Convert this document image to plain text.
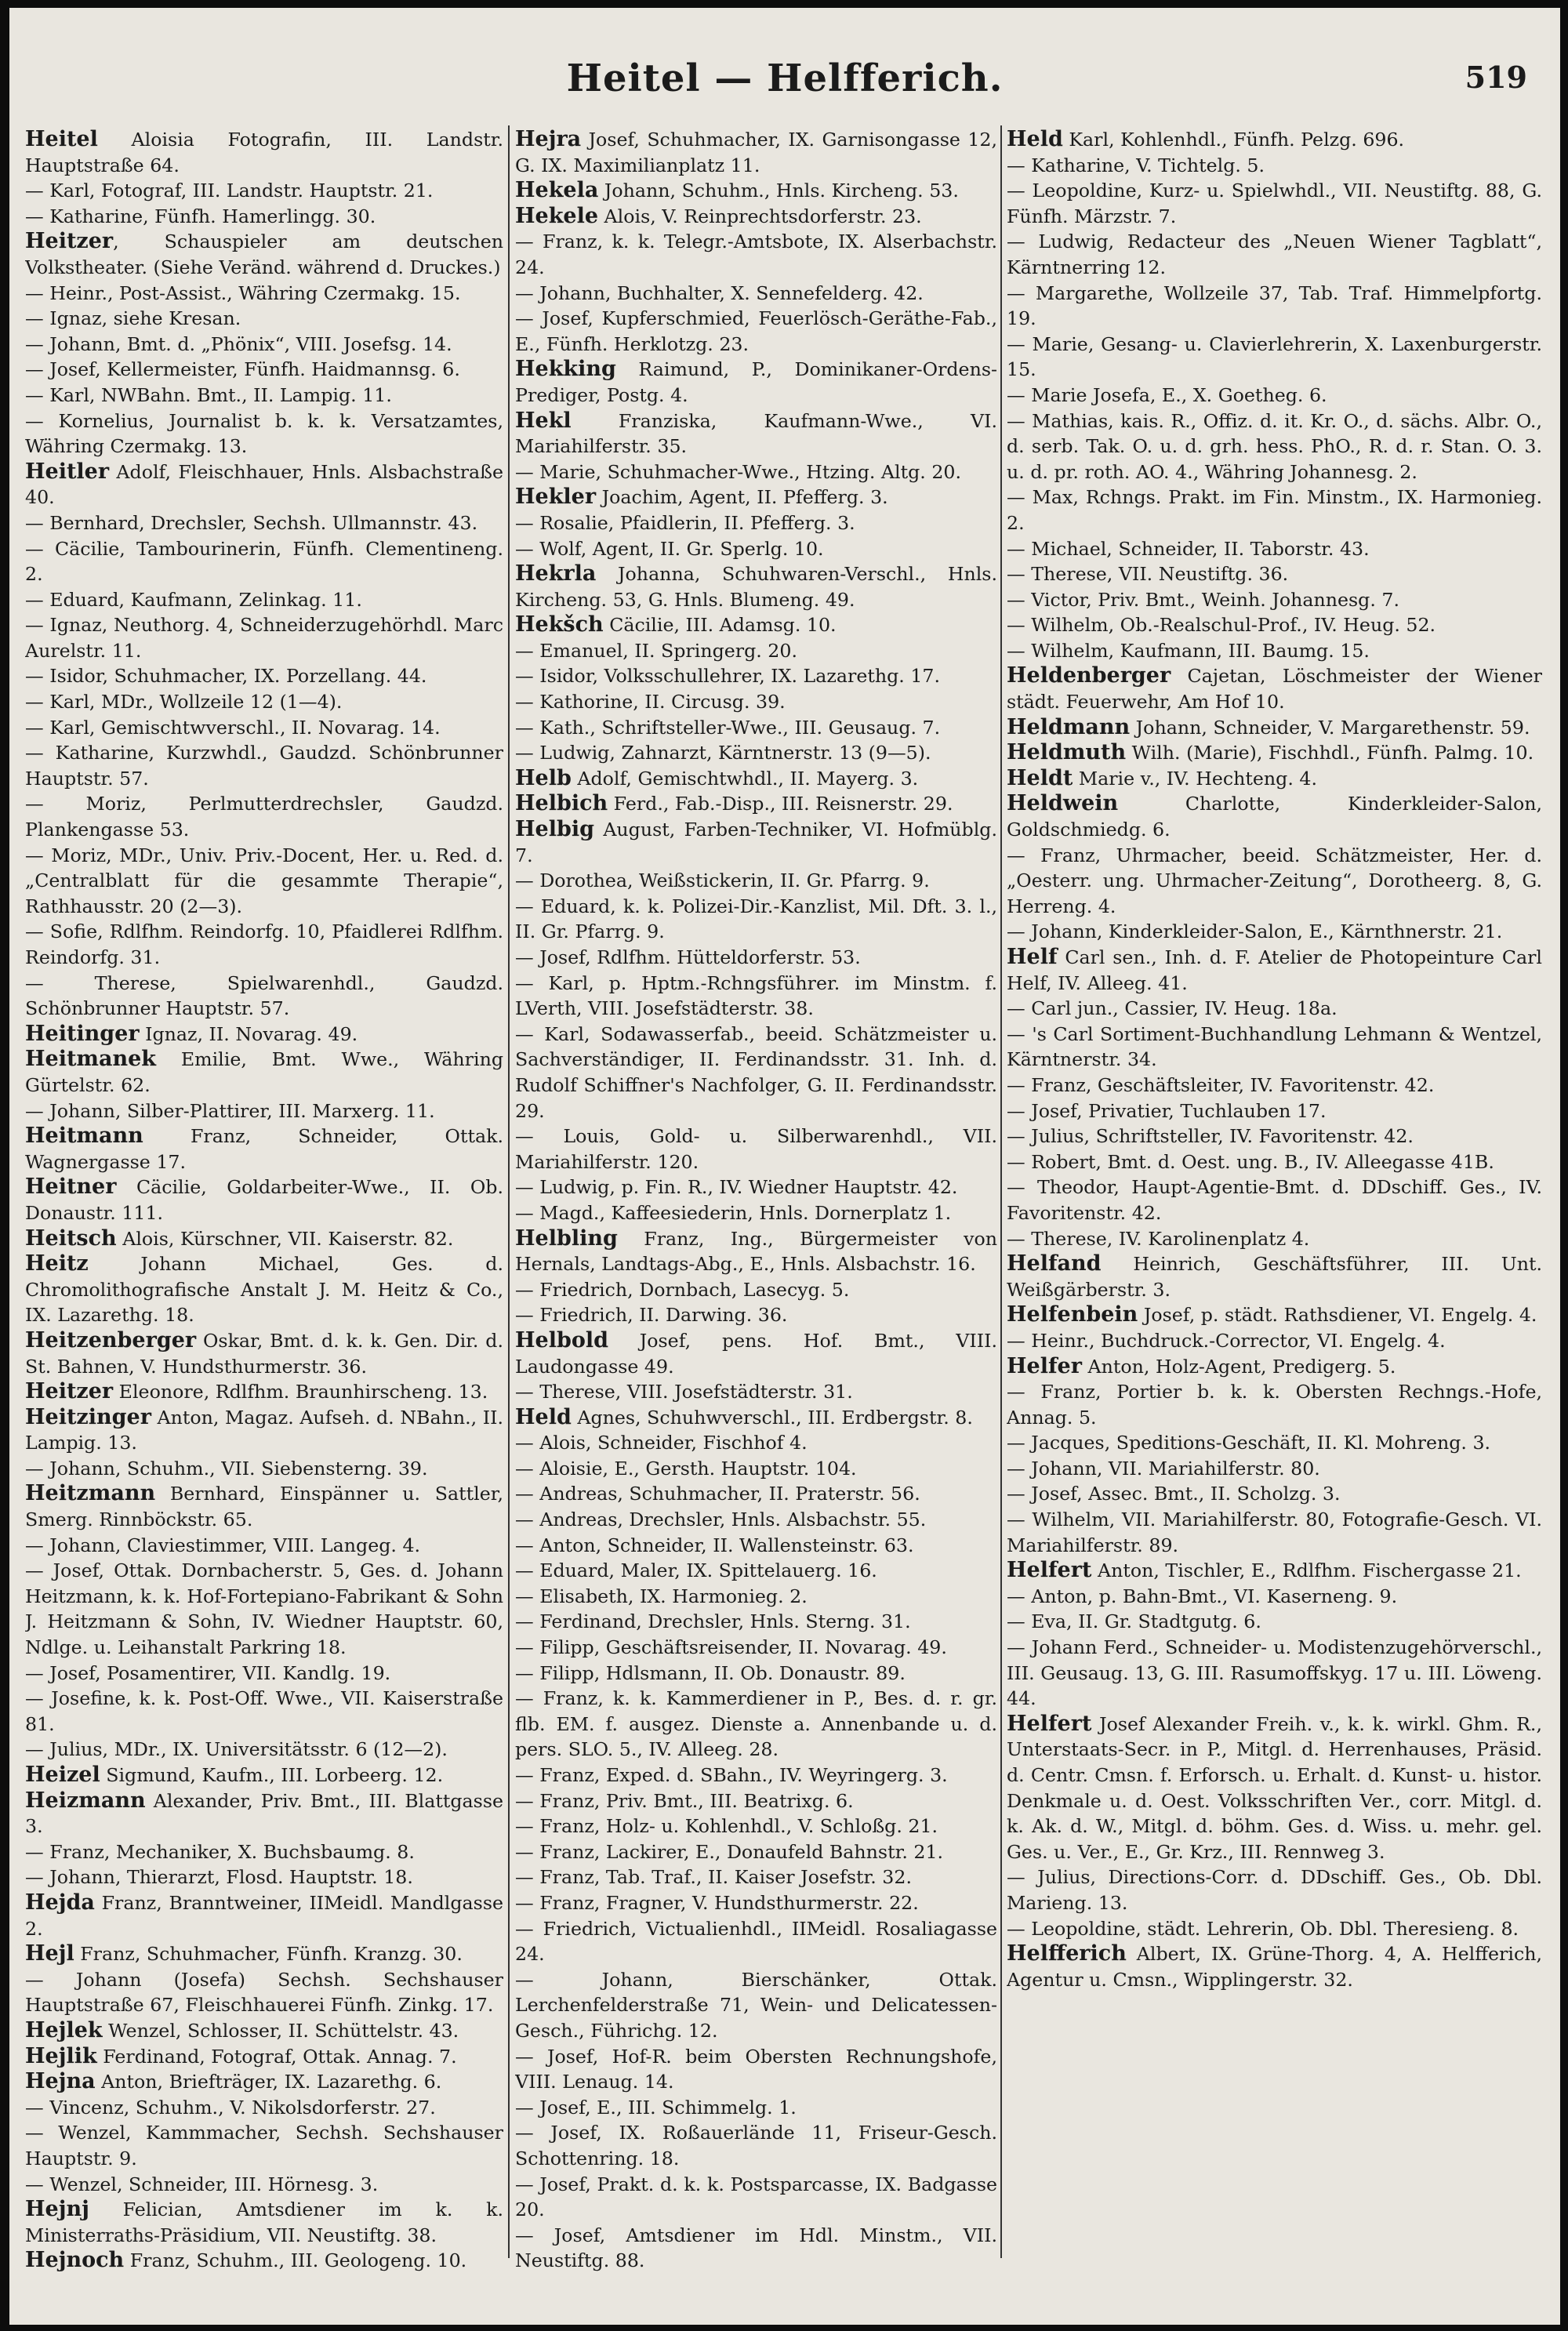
Heitel — Helfferich.	519

Heitel Aloisia Fotografin, III. Landstr. Hauptstraße 64.

— Karl, Fotograf, III. Landstr. Hauptstr. 21.

— Katharine, Fünfh. Hamerlingg. 30.

Heitzer, Schauspieler am deutschen Volkstheater. (Siehe Veränd. während d. Druckes.)

— Heinr., Post-Assist., Währing Czermakg. 15.

— Ignaz, siehe Kresan.

— Johann, Bmt. d. „Phönix“, VIII. Josefsg. 14.

— Josef, Kellermeister, Fünfh. Haidmannsg. 6.

— Karl, NWBahn. Bmt., II. Lampig. 11.

— Kornelius, Journalist b. k. k. Versatzamtes, Währing Czermakg. 13.

Heitler Adolf, Fleischhauer, Hnls. Alsbachstraße 40.

— Bernhard, Drechsler, Sechsh. Ullmannstr. 43.

— Cäcilie, Tambourinerin, Fünfh. Clementineng. 2.

— Eduard, Kaufmann, Zelinkag. 11.

— Ignaz, Neuthorg. 4, Schneiderzugehörhdl. Marc Aurelstr. 11.

— Isidor, Schuhmacher, IX. Porzellang. 44.

— Karl, MDr., Wollzeile 12 (1—4).

— Karl, Gemischtwverschl., II. Novarag. 14.

— Katharine, Kurzwhdl., Gaudzd. Schönbrunner Hauptstr. 57.

— Moriz, Perlmutterdrechsler, Gaudzd. Plankengasse 53.

— Moriz, MDr., Univ. Priv.-Docent, Her. u. Red. d. „Centralblatt für die gesammte Therapie“, Rathhausstr. 20 (2—3).

— Sofie, Rdlfhm. Reindorfg. 10, Pfaidlerei Rdlfhm. Reindorfg. 31.

— Therese, Spielwarenhdl., Gaudzd. Schönbrunner Hauptstr. 57.

Heitinger Ignaz, II. Novarag. 49.

Heitmanek Emilie, Bmt. Wwe., Währing Gürtelstr. 62.

— Johann, Silber-Plattirer, III. Marxerg. 11.

Heitmann Franz, Schneider, Ottak. Wagnergasse 17.

Heitner Cäcilie, Goldarbeiter-Wwe., II. Ob. Donaustr. 111.

Heitsch Alois, Kürschner, VII. Kaiserstr. 82.

Heitz Johann Michael, Ges. d. Chromolithografische Anstalt J. M. Heitz & Co., IX. Lazarethg. 18.

Heitzenberger Oskar, Bmt. d. k. k. Gen. Dir. d. St. Bahnen, V. Hundsthurmerstr. 36.

Heitzer Eleonore, Rdlfhm. Braunhirscheng. 13.

Heitzinger Anton, Magaz. Aufseh. d. NBahn., II. Lampig. 13.

— Johann, Schuhm., VII. Siebensterng. 39.

Heitzmann Bernhard, Einspänner u. Sattler, Smerg. Rinnböckstr. 65.

— Johann, Claviestimmer, VIII. Langeg. 4.

— Josef, Ottak. Dornbacherstr. 5, Ges. d. Johann Heitzmann, k. k. Hof-Fortepiano-Fabrikant & Sohn J. Heitzmann & Sohn, IV. Wiedner Hauptstr. 60, Ndlge. u. Leihanstalt Parkring 18.

— Josef, Posamentirer, VII. Kandlg. 19.

— Josefine, k. k. Post-Off. Wwe., VII. Kaiserstraße 81.

— Julius, MDr., IX. Universitätsstr. 6 (12—2).

Heizel Sigmund, Kaufm., III. Lorbeerg. 12.

Heizmann Alexander, Priv. Bmt., III. Blattgasse 3.

— Franz, Mechaniker, X. Buchsbaumg. 8.

— Johann, Thierarzt, Flosd. Hauptstr. 18.

Hejda Franz, Branntweiner, IIMeidl. Mandlgasse 2.

Hejl Franz, Schuhmacher, Fünfh. Kranzg. 30.

— Johann (Josefa) Sechsh. Sechshauser Hauptstraße 67, Fleischhauerei Fünfh. Zinkg. 17.

Hejlek Wenzel, Schlosser, II. Schüttelstr. 43.

Hejlik Ferdinand, Fotograf, Ottak. Annag. 7.

Hejna Anton, Briefträger, IX. Lazarethg. 6.

— Vincenz, Schuhm., V. Nikolsdorferstr. 27.

— Wenzel, Kammmacher, Sechsh. Sechshauser Hauptstr. 9.

— Wenzel, Schneider, III. Hörnesg. 3.

Hejnj Felician, Amtsdiener im k. k. Ministerraths-Präsidium, VII. Neustiftg. 38.

Hejnoch Franz, Schuhm., III. Geologeng. 10.

Hejra Josef, Schuhmacher, IX. Garnisongasse 12, G. IX. Maximilianplatz 11.

Hekela Johann, Schuhm., Hnls. Kircheng. 53.

Hekele Alois, V. Reinprechtsdorferstr. 23.

— Franz, k. k. Telegr.-Amtsbote, IX. Alserbachstr. 24.

— Johann, Buchhalter, X. Sennefelderg. 42.

— Josef, Kupferschmied, Feuerlösch-Geräthe-Fab., E., Fünfh. Herklotzg. 23.

Hekking Raimund, P., Dominikaner-Ordens-Prediger, Postg. 4.

Hekl Franziska, Kaufmann-Wwe., VI. Mariahilferstr. 35.

— Marie, Schuhmacher-Wwe., Htzing. Altg. 20.

Hekler Joachim, Agent, II. Pfefferg. 3.

— Rosalie, Pfaidlerin, II. Pfefferg. 3.

— Wolf, Agent, II. Gr. Sperlg. 10.

Hekrla Johanna, Schuhwaren-Verschl., Hnls. Kircheng. 53, G. Hnls. Blumeng. 49.

Hekšch Cäcilie, III. Adamsg. 10.

— Emanuel, II. Springerg. 20.

— Isidor, Volksschullehrer, IX. Lazarethg. 17.

— Kathorine, II. Circusg. 39.

— Kath., Schriftsteller-Wwe., III. Geusaug. 7.

— Ludwig, Zahnarzt, Kärntnerstr. 13 (9—5).

Helb Adolf, Gemischtwhdl., II. Mayerg. 3.

Helbich Ferd., Fab.-Disp., III. Reisnerstr. 29.

Helbig August, Farben-Techniker, VI. Hofmüblg. 7.

— Dorothea, Weißstickerin, II. Gr. Pfarrg. 9.

— Eduard, k. k. Polizei-Dir.-Kanzlist, Mil. Dft. 3. l., II. Gr. Pfarrg. 9.

— Josef, Rdlfhm. Hütteldorferstr. 53.

— Karl, p. Hptm.-Rchngsführer. im Minstm. f. LVerth, VIII. Josefstädterstr. 38.

— Karl, Sodawasserfab., beeid. Schätzmeister u. Sachverständiger, II. Ferdinandsstr. 31. Inh. d. Rudolf Schiffner's Nachfolger, G. II. Ferdinandsstr. 29.

— Louis, Gold- u. Silberwarenhdl., VII. Mariahilferstr. 120.

— Ludwig, p. Fin. R., IV. Wiedner Hauptstr. 42.

— Magd., Kaffeesiederin, Hnls. Dornerplatz 1.

Helbling Franz, Ing., Bürgermeister von Hernals, Landtags-Abg., E., Hnls. Alsbachstr. 16.

— Friedrich, Dornbach, Lasecyg. 5.

— Friedrich, II. Darwing. 36.

Helbold Josef, pens. Hof. Bmt., VIII. Laudongasse 49.

— Therese, VIII. Josefstädterstr. 31.

Held Agnes, Schuhwverschl., III. Erdbergstr. 8.

— Alois, Schneider, Fischhof 4.

— Aloisie, E., Gersth. Hauptstr. 104.

— Andreas, Schuhmacher, II. Praterstr. 56.

— Andreas, Drechsler, Hnls. Alsbachstr. 55.

— Anton, Schneider, II. Wallensteinstr. 63.

— Eduard, Maler, IX. Spittelauerg. 16.

— Elisabeth, IX. Harmonieg. 2.

— Ferdinand, Drechsler, Hnls. Sterng. 31.

— Filipp, Geschäftsreisender, II. Novarag. 49.

— Filipp, Hdlsmann, II. Ob. Donaustr. 89.

— Franz, k. k. Kammerdiener in P., Bes. d. r. gr. flb. EM. f. ausgez. Dienste a. Annenbande u. d. pers. SLO. 5., IV. Alleeg. 28.

— Franz, Exped. d. SBahn., IV. Weyringerg. 3.

— Franz, Priv. Bmt., III. Beatrixg. 6.

— Franz, Holz- u. Kohlenhdl., V. Schloßg. 21.

— Franz, Lackirer, E., Donaufeld Bahnstr. 21.

— Franz, Tab. Traf., II. Kaiser Josefstr. 32.

— Franz, Fragner, V. Hundsthurmerstr. 22.

— Friedrich, Victualienhdl., IIMeidl. Rosaliagasse 24.

— Johann, Bierschänker, Ottak. Lerchenfelderstraße 71, Wein- und Delicatessen-Gesch., Führichg. 12.

— Josef, Hof-R. beim Obersten Rechnungshofe, VIII. Lenaug. 14.

— Josef, E., III. Schimmelg. 1.

— Josef, IX. Roßauerlände 11, Friseur-Gesch. Schottenring. 18.

— Josef, Prakt. d. k. k. Postsparcasse, IX. Badgasse 20.

— Josef, Amtsdiener im Hdl. Minstm., VII. Neustiftg. 88.

Held Karl, Kohlenhdl., Fünfh. Pelzg. 696.

— Katharine, V. Tichtelg. 5.

— Leopoldine, Kurz- u. Spielwhdl., VII. Neustiftg. 88, G. Fünfh. Märzstr. 7.

— Ludwig, Redacteur des „Neuen Wiener Tagblatt“, Kärntnerring 12.

— Margarethe, Wollzeile 37, Tab. Traf. Himmelpfortg. 19.

— Marie, Gesang- u. Clavierlehrerin, X. Laxenburgerstr. 15.

— Marie Josefa, E., X. Goetheg. 6.

— Mathias, kais. R., Offiz. d. it. Kr. O., d. sächs. Albr. O., d. serb. Tak. O. u. d. grh. hess. PhO., R. d. r. Stan. O. 3. u. d. pr. roth. AO. 4., Währing Johannesg. 2.

— Max, Rchngs. Prakt. im Fin. Minstm., IX. Harmonieg. 2.

— Michael, Schneider, II. Taborstr. 43.

— Therese, VII. Neustiftg. 36.

— Victor, Priv. Bmt., Weinh. Johannesg. 7.

— Wilhelm, Ob.-Realschul-Prof., IV. Heug. 52.

— Wilhelm, Kaufmann, III. Baumg. 15.

Heldenberger Cajetan, Löschmeister der Wiener städt. Feuerwehr, Am Hof 10.

Heldmann Johann, Schneider, V. Margarethenstr. 59.

Heldmuth Wilh. (Marie), Fischhdl., Fünfh. Palmg. 10.

Heldt Marie v., IV. Hechteng. 4.

Heldwein Charlotte, Kinderkleider-Salon, Goldschmiedg. 6.

— Franz, Uhrmacher, beeid. Schätzmeister, Her. d. „Oesterr. ung. Uhrmacher-Zeitung“, Dorotheerg. 8, G. Herreng. 4.

— Johann, Kinderkleider-Salon, E., Kärnthnerstr. 21.

Helf Carl sen., Inh. d. F. Atelier de Photopeinture Carl Helf, IV. Alleeg. 41.

— Carl jun., Cassier, IV. Heug. 18a.

— 's Carl Sortiment-Buchhandlung Lehmann & Wentzel, Kärntnerstr. 34.

— Franz, Geschäftsleiter, IV. Favoritenstr. 42.

— Josef, Privatier, Tuchlauben 17.

— Julius, Schriftsteller, IV. Favoritenstr. 42.

— Robert, Bmt. d. Oest. ung. B., IV. Alleegasse 41B.

— Theodor, Haupt-Agentie-Bmt. d. DDschiff. Ges., IV. Favoritenstr. 42.

— Therese, IV. Karolinenplatz 4.

Helfand Heinrich, Geschäftsführer, III. Unt. Weißgärberstr. 3.

Helfenbein Josef, p. städt. Rathsdiener, VI. Engelg. 4.

— Heinr., Buchdruck.-Corrector, VI. Engelg. 4.

Helfer Anton, Holz-Agent, Predigerg. 5.

— Franz, Portier b. k. k. Obersten Rechngs.-Hofe, Annag. 5.

— Jacques, Speditions-Geschäft, II. Kl. Mohreng. 3.

— Johann, VII. Mariahilferstr. 80.

— Josef, Assec. Bmt., II. Scholzg. 3.

— Wilhelm, VII. Mariahilferstr. 80, Fotografie-Gesch. VI. Mariahilferstr. 89.

Helfert Anton, Tischler, E., Rdlfhm. Fischergasse 21.

— Anton, p. Bahn-Bmt., VI. Kaserneng. 9.

— Eva, II. Gr. Stadtgutg. 6.

— Johann Ferd., Schneider- u. Modistenzugehörverschl., III. Geusaug. 13, G. III. Rasumoffskyg. 17 u. III. Löweng. 44.

Helfert Josef Alexander Freih. v., k. k. wirkl. Ghm. R., Unterstaats-Secr. in P., Mitgl. d. Herrenhauses, Präsid. d. Centr. Cmsn. f. Erforsch. u. Erhalt. d. Kunst- u. histor. Denkmale u. d. Oest. Volksschriften Ver., corr. Mitgl. d. k. Ak. d. W., Mitgl. d. böhm. Ges. d. Wiss. u. mehr. gel. Ges. u. Ver., E., Gr. Krz., III. Rennweg 3.

— Julius, Directions-Corr. d. DDschiff. Ges., Ob. Dbl. Marieng. 13.

— Leopoldine, städt. Lehrerin, Ob. Dbl. Theresieng. 8.

Helfferich Albert, IX. Grüne-Thorg. 4, A. Helfferich, Agentur u. Cmsn., Wipplingerstr. 32.
